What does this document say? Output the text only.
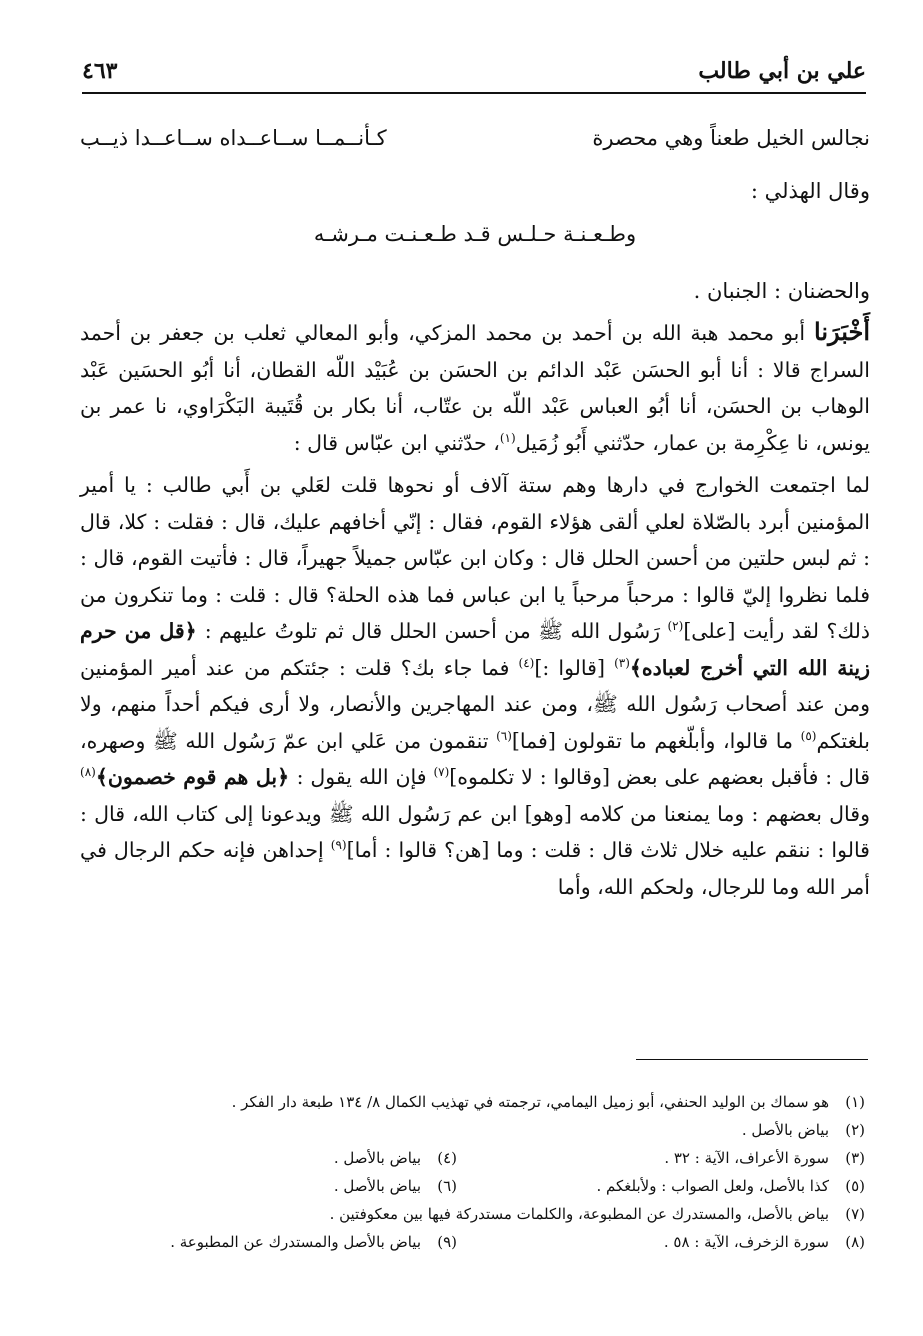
علي بن أبي طالب
٤٦٣
نجالس الخيل طعناً وهي محصرة
كـأنــمــا ســاعــداه ســاعــدا ذيــب
وقال الهذلي :
وطـعـنـة حـلـس قـد طـعـنـت مـرشـه
والحضنان : الجنبان .

أَخْبَرَنا أبو محمد هبة الله بن أحمد بن محمد المزكي، وأبو المعالي ثعلب بن جعفر بن أحمد السراج قالا : أنا أبو الحسَن عَبْد الدائم بن الحسَن بن عُبَيْد اللّه القطان، أنا أبُو الحسَين عَبْد الوهاب بن الحسَن، أنا أبُو العباس عَبْد اللّه بن عتّاب، أنا بكار بن قُتَيبة البَكْرَاوي، نا عمر بن يونس، نا عِكْرِمة بن عمار، حدّثني أَبُو زُمَيل$^{(١)}$، حدّثني ابن عبّاس قال :

لما اجتمعت الخوارج في دارها وهم ستة آلاف أو نحوها قلت لعَلي بن أَبي طالب : يا أمير المؤمنين أبرد بالصّلاة لعلي ألقى هؤلاء القوم، فقال : إنّي أخافهم عليك، قال : فقلت : كلا، قال : ثم لبس حلتين من أحسن الحلل قال : وكان ابن عبّاس جميلاً جهيراً، قال : فأتيت القوم، قال : فلما نظروا إليّ قالوا : مرحباً مرحباً يا ابن عباس فما هذه الحلة؟ قال : قلت : وما تنكرون من ذلك؟ لقد رأيت [على]$^{(٢)}$ رَسُول الله ﷺ من أحسن الحلل قال ثم تلوتُ عليهم : ﴿قل من حرم زينة الله التي أخرج لعباده﴾$^{(٣)}$ [قالوا :]$^{(٤)}$ فما جاء بك؟ قلت : جئتكم من عند أمير المؤمنين ومن عند أصحاب رَسُول الله ﷺ، ومن عند المهاجرين والأنصار، ولا أرى فيكم أحداً منهم، ولا بلغتكم$^{(٥)}$ ما قالوا، وأبلّغهم ما تقولون [فما]$^{(٦)}$ تنقمون من عَلي ابن عمّ رَسُول الله ﷺ وصهره، قال : فأقبل بعضهم على بعض [وقالوا : لا تكلموه]$^{(٧)}$ فإن الله يقول : ﴿بل هم قوم خصمون﴾$^{(٨)}$ وقال بعضهم : وما يمنعنا من كلامه [وهو] ابن عم رَسُول الله ﷺ ويدعونا إلى كتاب الله، قال : قالوا : ننقم عليه خلال ثلاث قال : قلت : وما [هن؟ قالوا : أما]$^{(٩)}$ إحداهن فإنه حكم الرجال في أمر الله وما للرجال، ولحكم الله، وأما

(١)هو سماك بن الوليد الحنفي، أبو زميل اليمامي، ترجمته في تهذيب الكمال ٨/ ١٣٤ طبعة دار الفكر .
(٢)بياض بالأصل .
(٣)سورة الأعراف، الآية : ٣٢ .
(٤)بياض بالأصل .
(٥)كذا بالأصل، ولعل الصواب : ولأبلغكم .
(٦)بياض بالأصل .
(٧)بياض بالأصل، والمستدرك عن المطبوعة، والكلمات مستدركة فيها بين معكوفتين .
(٨)سورة الزخرف، الآية : ٥٨ .
(٩)بياض بالأصل والمستدرك عن المطبوعة .
